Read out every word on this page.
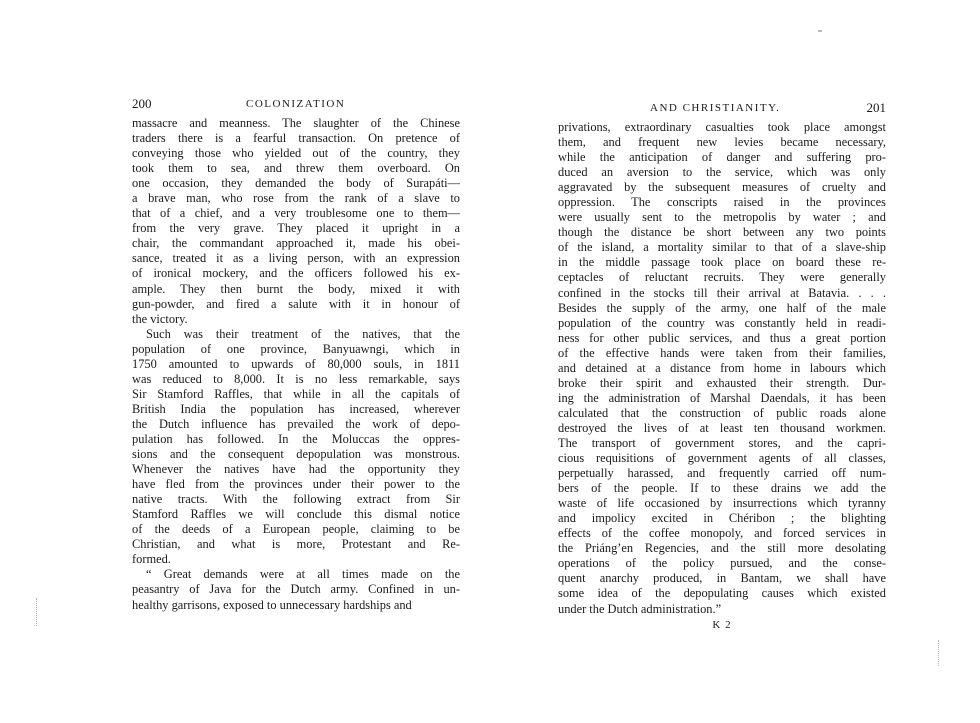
200	COLONIZATION
massacre and meanness. The slaughter of the Chinese
traders there is a fearful transaction. On pretence of
conveying those who yielded out of the country, they
took them to sea, and threw them overboard. On
one occasion, they demanded the body of Surapáti—
a brave man, who rose from the rank of a slave to
that of a chief, and a very troublesome one to them—
from the very grave. They placed it upright in a
chair, the commandant approached it, made his obei-
sance, treated it as a living person, with an expression
of ironical mockery, and the officers followed his ex-
ample. They then burnt the body, mixed it with
gun-powder, and fired a salute with it in honour of
the victory.
Such was their treatment of the natives, that the
population of one province, Banyuawngi, which in
1750 amounted to upwards of 80,000 souls, in 1811
was reduced to 8,000. It is no less remarkable, says
Sir Stamford Raffles, that while in all the capitals of
British India the population has increased, wherever
the Dutch influence has prevailed the work of depo-
pulation has followed. In the Moluccas the oppres-
sions and the consequent depopulation was monstrous.
Whenever the natives have had the opportunity they
have fled from the provinces under their power to the
native tracts. With the following extract from Sir
Stamford Raffles we will conclude this dismal notice
of the deeds of a European people, claiming to be
Christian, and what is more, Protestant and Re-
formed.
“ Great demands were at all times made on the
peasantry of Java for the Dutch army. Confined in un-
healthy garrisons, exposed to unnecessary hardships and
AND CHRISTIANITY.	201
privations, extraordinary casualties took place amongst
them, and frequent new levies became necessary,
while the anticipation of danger and suffering pro-
duced an aversion to the service, which was only
aggravated by the subsequent measures of cruelty and
oppression. The conscripts raised in the provinces
were usually sent to the metropolis by water ; and
though the distance be short between any two points
of the island, a mortality similar to that of a slave-ship
in the middle passage took place on board these re-
ceptacles of reluctant recruits. They were generally
confined in the stocks till their arrival at Batavia. . . .
Besides the supply of the army, one half of the male
population of the country was constantly held in readi-
ness for other public services, and thus a great portion
of the effective hands were taken from their families,
and detained at a distance from home in labours which
broke their spirit and exhausted their strength. Dur-
ing the administration of Marshal Daendals, it has been
calculated that the construction of public roads alone
destroyed the lives of at least ten thousand workmen.
The transport of government stores, and the capri-
cious requisitions of government agents of all classes,
perpetually harassed, and frequently carried off num-
bers of the people. If to these drains we add the
waste of life occasioned by insurrections which tyranny
and impolicy excited in Chéribon ; the blighting
effects of the coffee monopoly, and forced services in
the Priáng’en Regencies, and the still more desolating
operations of the policy pursued, and the conse-
quent anarchy produced, in Bantam, we shall have
some idea of the depopulating causes which existed
under the Dutch administration.”
K 2
